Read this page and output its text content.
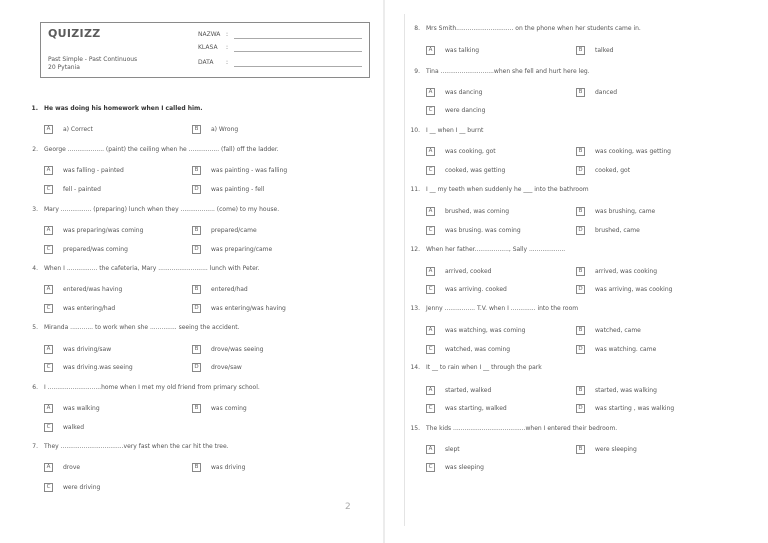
QUIZIZZ
Past Simple - Past Continuous
20 Pytania
NAZWA :
KLASA	:
DATA	:
2
1. He was doing his homework when I called him.
A	a) Correct	B	a) Wrong
2. George ................... (paint) the ceiling when he ................ (fall) off the ladder.
A	was falling - painted	B	was painting - was falling
C	fell - painted	D	was painting - fell
3. Mary ................ (preparing) lunch when they .................. (come) to my house.
A	was preparing/was coming	B	prepared/came
C	prepared/was coming	D	was preparing/came
4. When I ................ the cafeteria, Mary .......................... lunch with Peter.
A	entered/was having	B	entered/had
C	was entering/had	D	was entering/was having
5. Miranda ............ to work when she .............. seeing the accident.
A	was driving/saw	B	drove/was seeing
C	was driving.was seeing	D	drove/saw
6. I ............................home when I met my old friend from primary school.
A	was walking	B	was coming
C	walked
7. They .................................very fast when the car hit the tree.
A	drove	B	was driving
C	were driving
8. Mrs Smith.............................. on the phone when her students came in.
A	was talking	B	talked
9. Tina ............................when she fell and hurt here leg.
A	was dancing	B	danced
C	were dancing
10. I __ when I __ burnt
A	was cooking, got	B	was cooking, was getting
C	cooked, was getting	D	cooked, got
11. I __ my teeth when suddenly he ___ into the bathroom
A	brushed, was coming	B	was brushing, came
C	was brusing. was coming	D	brushed, came
12. When her father.................., Sally ...................
A	arrived, cooked	B	arrived, was cooking
C	was arriving. cooked	D	was arriving, was cooking
13. Jenny ................ T.V. when I ............. into the room
A	was watching, was coming	B	watched, came
C	watched, was coming	D	was watching. came
14. It __ to rain when I __ through the park
A	started, walked	B	started, was walking
C	was starting, walked	D	was starting , was walking
15. The kids ......................................when I entered their bedroom.
A	slept	B	were sleeping
C	was sleeping
